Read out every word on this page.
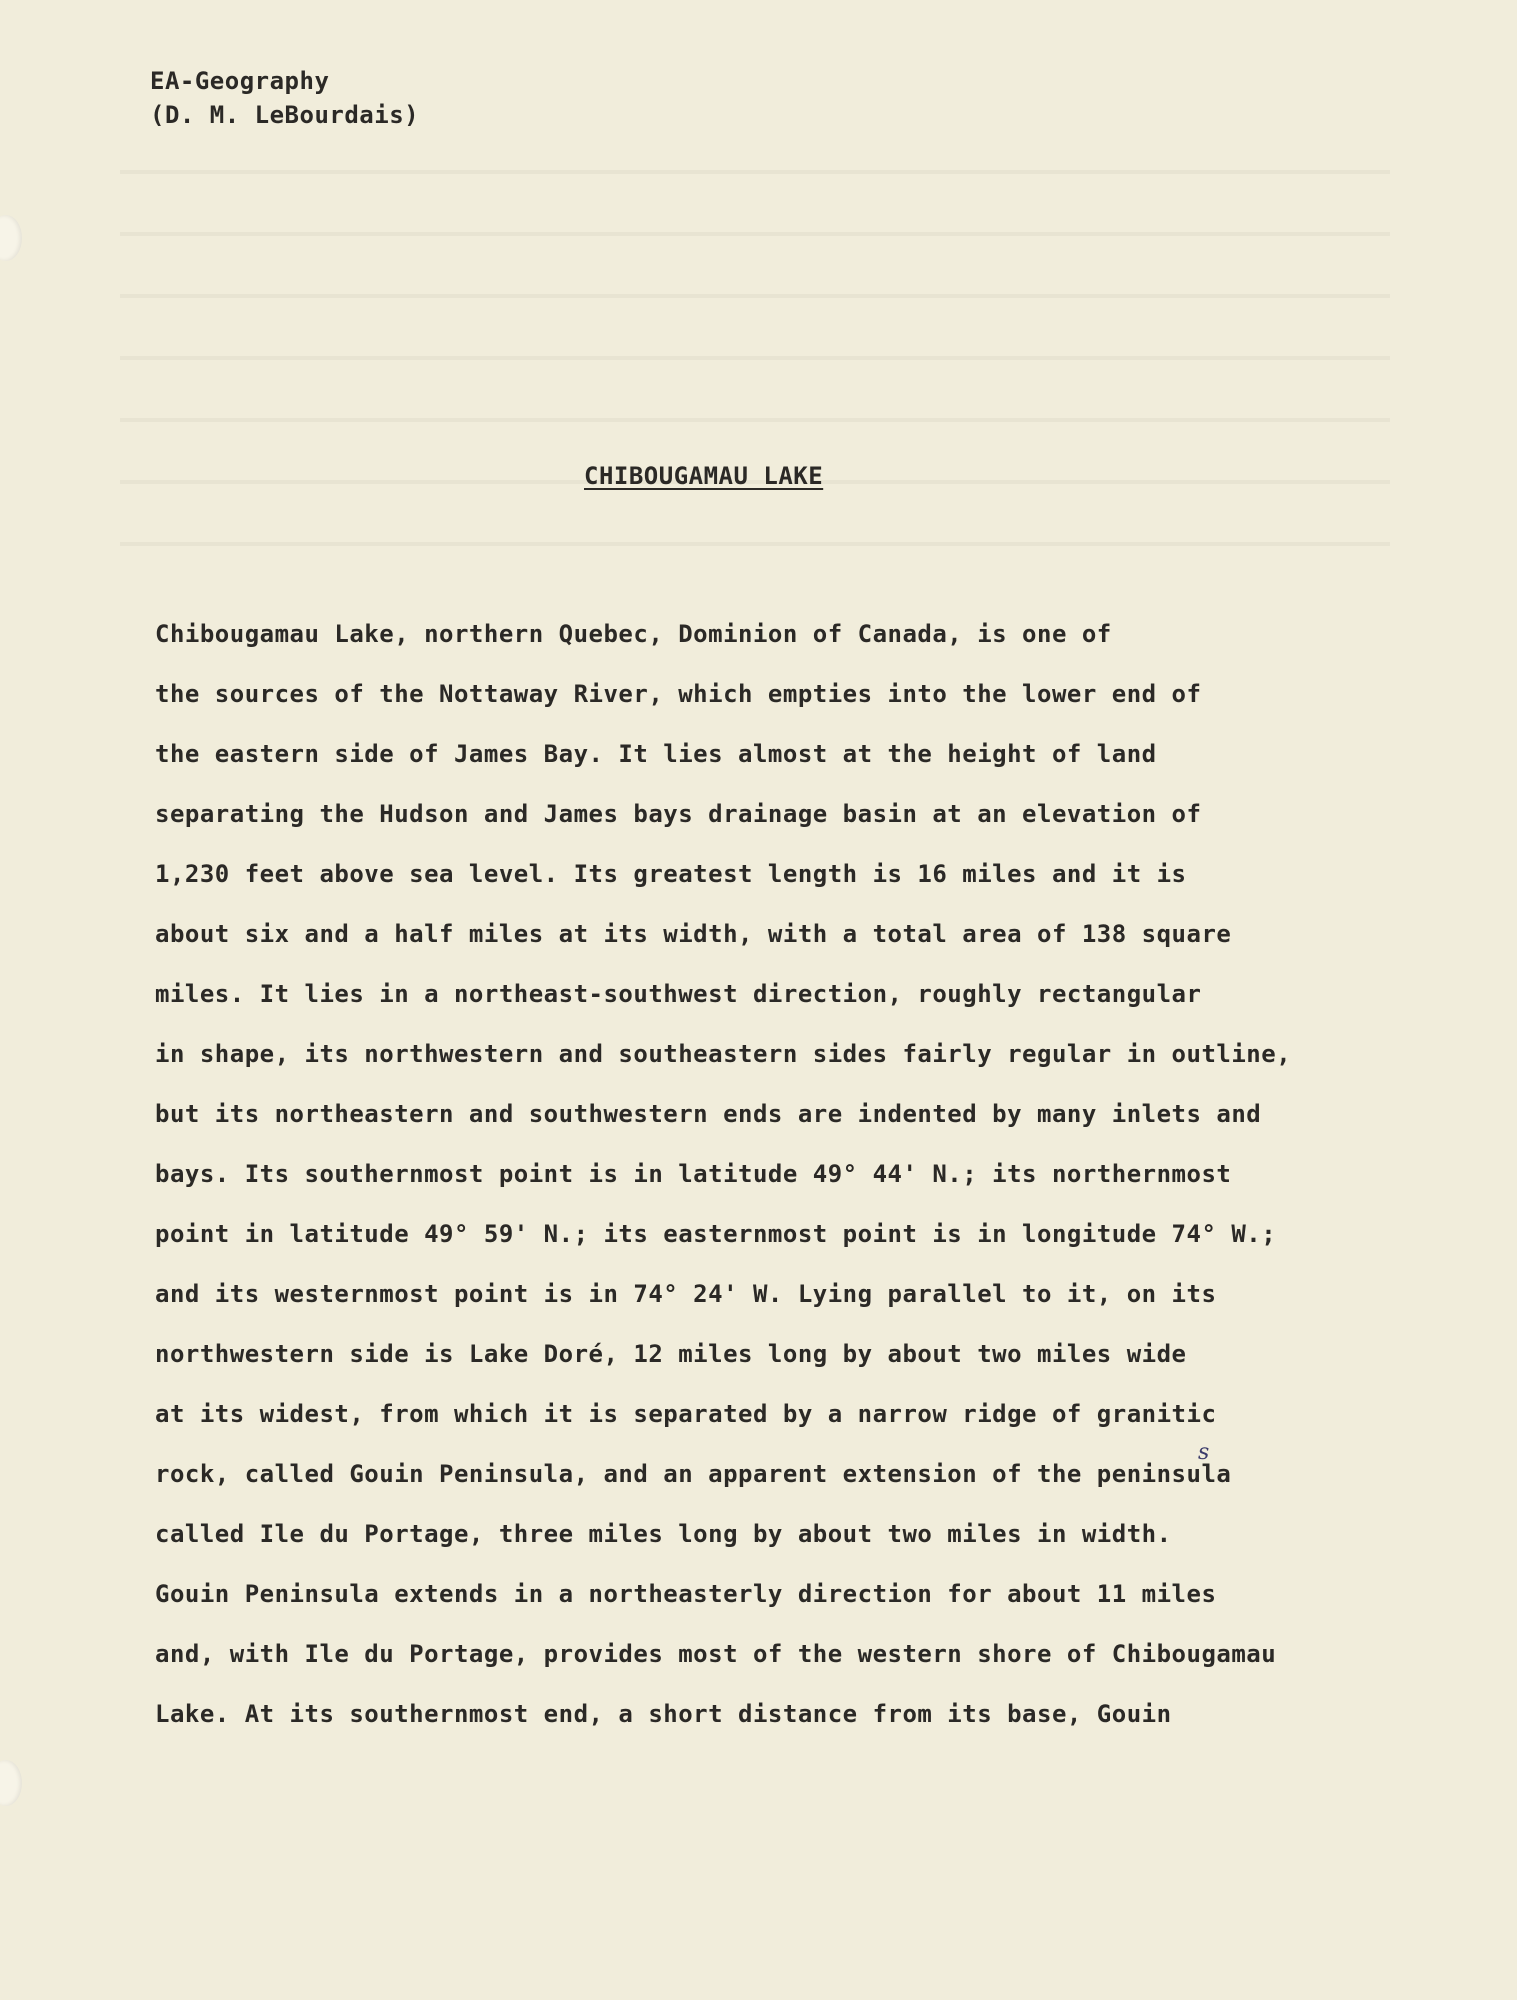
EA-Geography
(D. M. LeBourdais)
CHIBOUGAMAU LAKE
Chibougamau Lake, northern Quebec, Dominion of Canada, is one of
the sources of the Nottaway River, which empties into the lower end of
the eastern side of James Bay. It lies almost at the height of land
separating the Hudson and James bays drainage basin at an elevation of
1,230 feet above sea level. Its greatest length is 16 miles and it is
about six and a half miles at its width, with a total area of 138 square
miles. It lies in a northeast-southwest direction, roughly rectangular
in shape, its northwestern and southeastern sides fairly regular in outline,
but its northeastern and southwestern ends are indented by many inlets and
bays. Its southernmost point is in latitude 49° 44' N.; its northernmost
point in latitude 49° 59' N.; its easternmost point is in longitude 74° W.;
and its westernmost point is in 74° 24' W. Lying parallel to it, on its
northwestern side is Lake Doré, 12 miles long by about two miles wide
at its widest, from which it is separated by a narrow ridge of granitic
rock, called Gouin Peninsula, and an apparent extension of the peninsula
called Ile du Portage, three miles long by about two miles in width.
Gouin Peninsula extends in a northeasterly direction for about 11 miles
and, with Ile du Portage, provides most of the western shore of Chibougamau
Lake. At its southernmost end, a short distance from its base, Gouin
s
